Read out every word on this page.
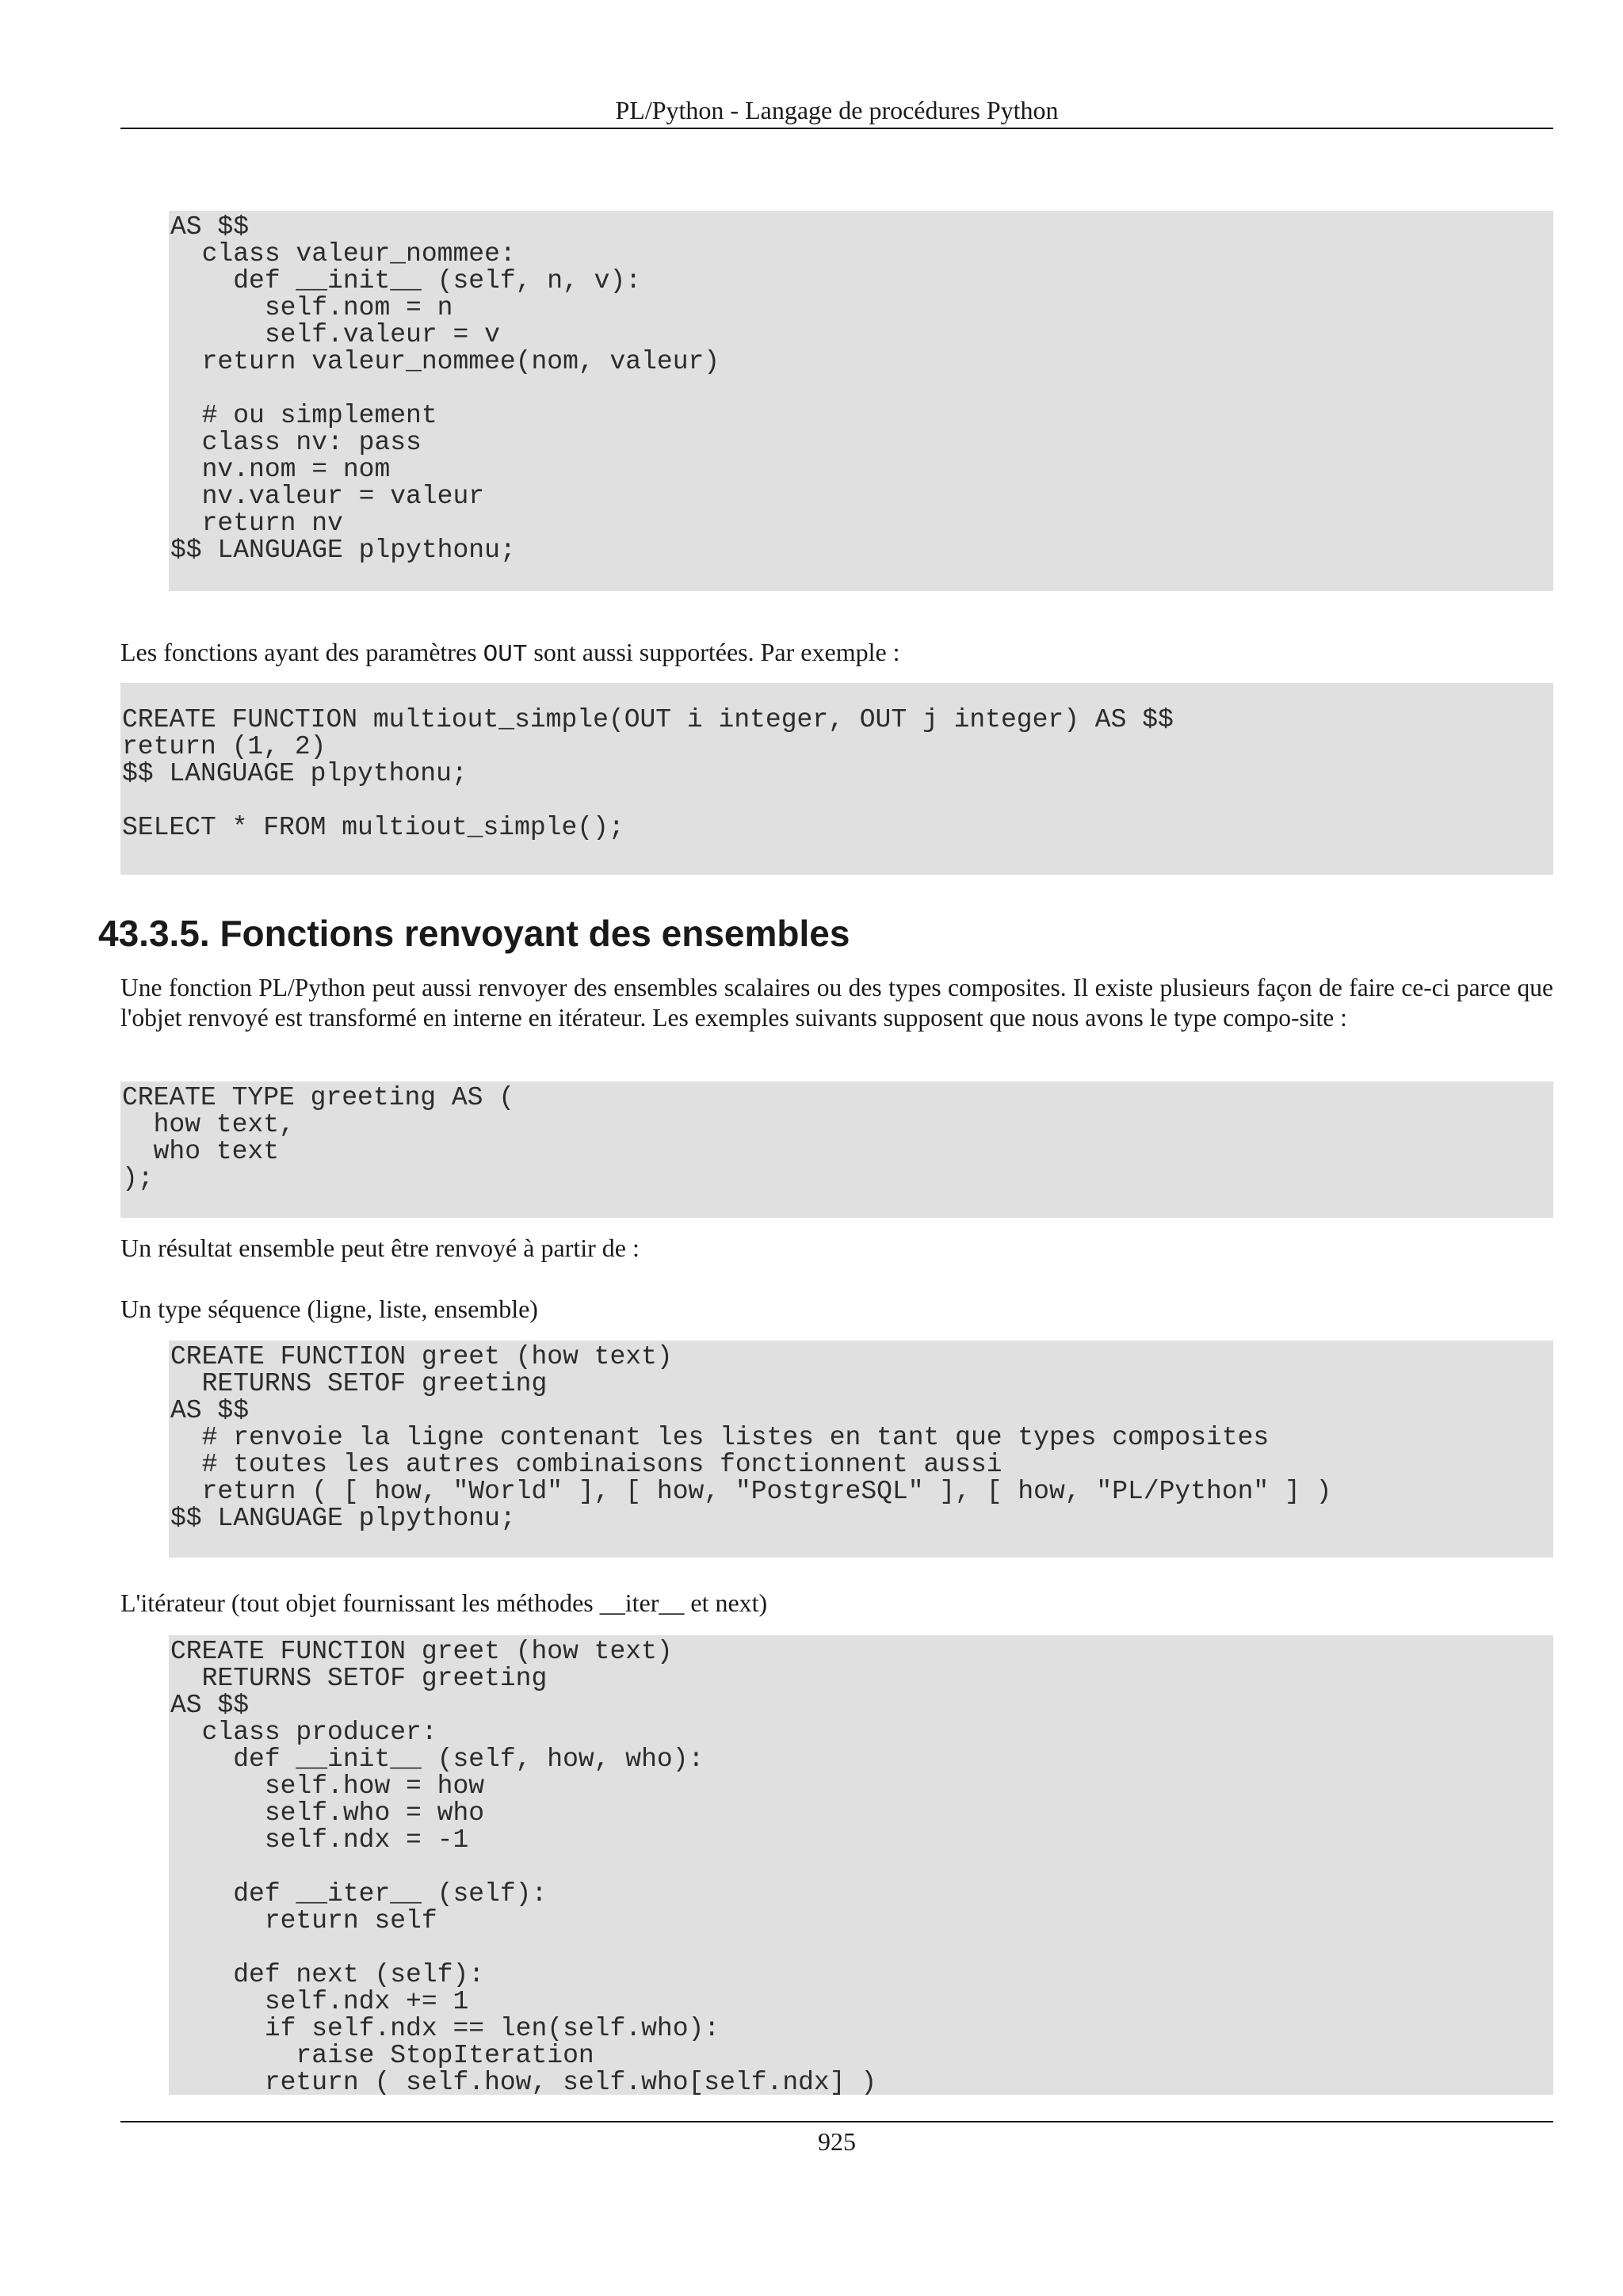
PL/Python - Langage de procédures Python
AS $$
class valeur_nommee:
def __init__ (self, n, v):
self.nom = n
self.valeur = v
return valeur_nommee(nom, valeur)

# ou simplement
class nv: pass
nv.nom = nom
nv.valeur = valeur
return nv
$$ LANGUAGE plpythonu;

Les fonctions ayant des paramètres OUT sont aussi supportées. Par exemple :

CREATE FUNCTION multiout_simple(OUT i integer, OUT j integer) AS $$
return (1, 2)
$$ LANGUAGE plpythonu;

SELECT * FROM multiout_simple();
43.3.5. Fonctions renvoyant des ensembles

Une fonction PL/Python peut aussi renvoyer des ensembles scalaires ou des types composites. Il existe plusieurs façon de faire ce-ci parce que l'objet renvoyé est transformé en interne en itérateur. Les exemples suivants supposent que nous avons le type compo-site :

CREATE TYPE greeting AS (
how text,
who text
);

Un résultat ensemble peut être renvoyé à partir de :

Un type séquence (ligne, liste, ensemble)

CREATE FUNCTION greet (how text)
RETURNS SETOF greeting
AS $$
# renvoie la ligne contenant les listes en tant que types composites
# toutes les autres combinaisons fonctionnent aussi
return ( [ how, "World" ], [ how, "PostgreSQL" ], [ how, "PL/Python" ] )
$$ LANGUAGE plpythonu;

L'itérateur (tout objet fournissant les méthodes __iter__ et next)

CREATE FUNCTION greet (how text)
RETURNS SETOF greeting
AS $$
class producer:
def __init__ (self, how, who):
self.how = how
self.who = who
self.ndx = -1

def __iter__ (self):
return self

def next (self):
self.ndx += 1
if self.ndx == len(self.who):
raise StopIteration
return ( self.how, self.who[self.ndx] )
925
